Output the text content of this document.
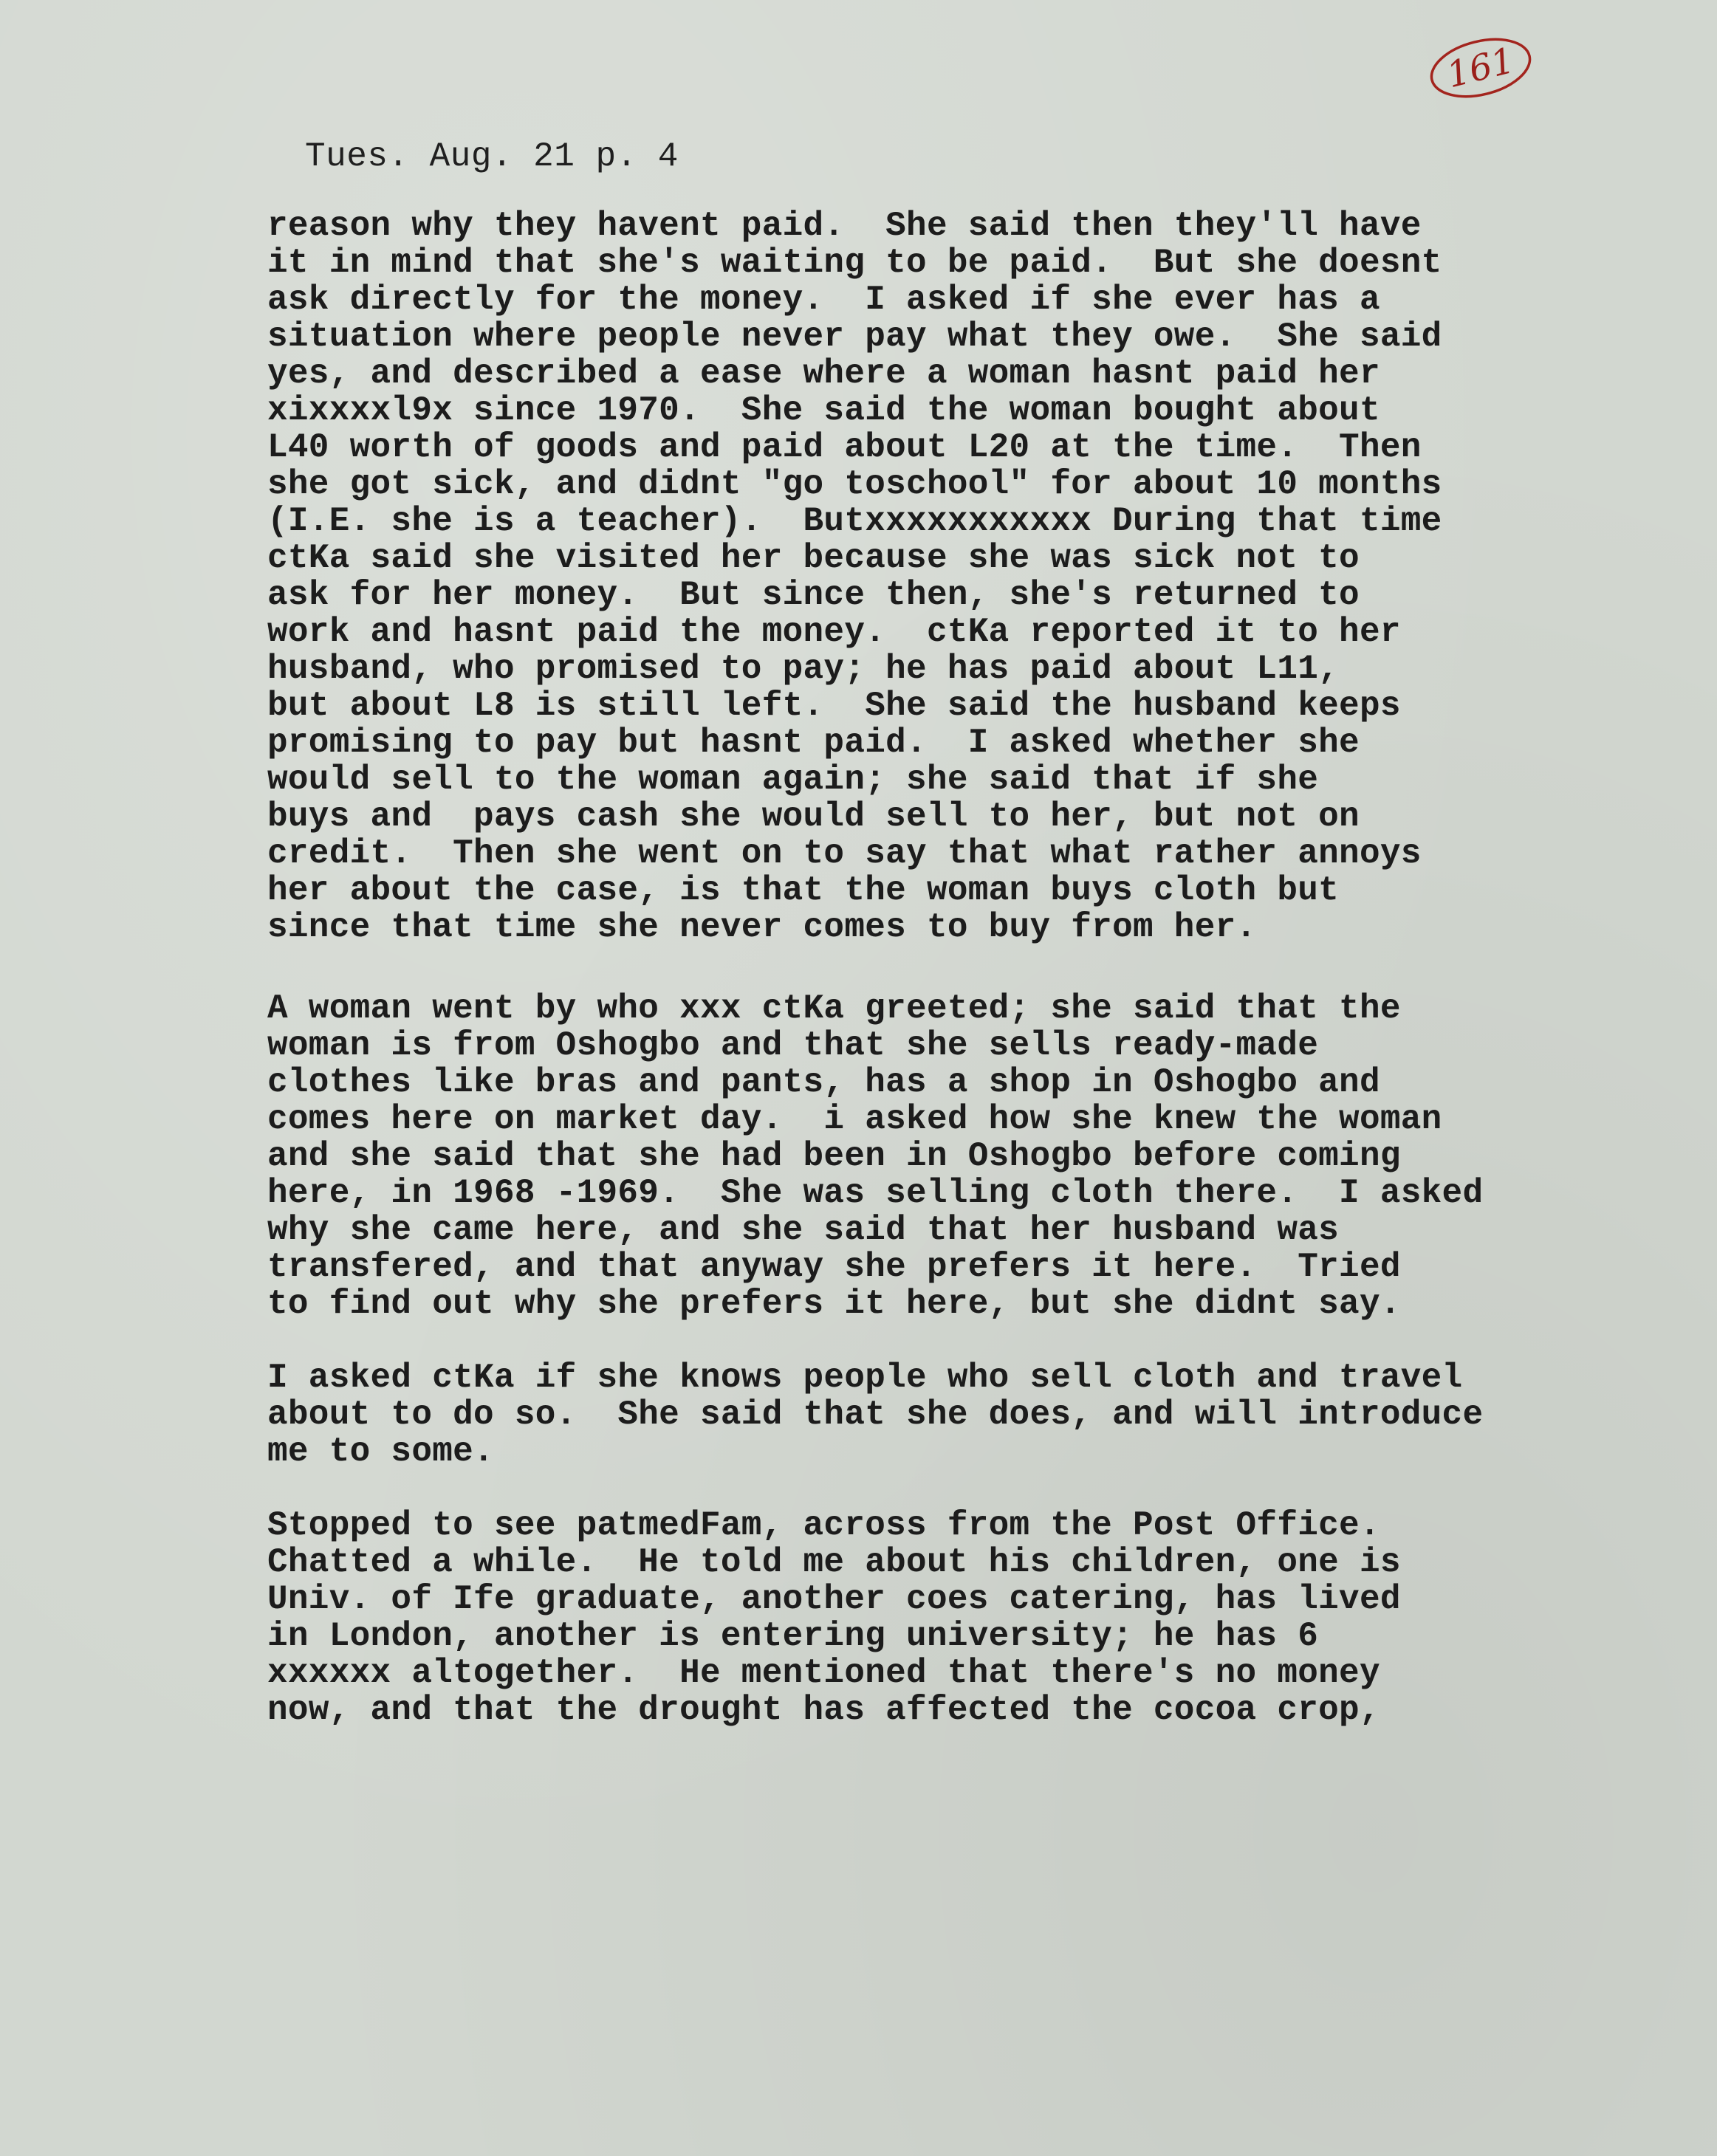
161
Tues. Aug. 21 p. 4
reason why they havent paid.  She said then they'll have
it in mind that she's waiting to be paid.  But she doesnt
ask directly for the money.  I asked if she ever has a
situation where people never pay what they owe.  She said
yes, and described a ease where a woman hasnt paid her
xixxxxl9x since 1970.  She said the woman bought about
L40 worth of goods and paid about L20 at the time.  Then
she got sick, and didnt "go toschool" for about 10 months
(I.E. she is a teacher).  Butxxxxxxxxxxx During that time
ctKa said she visited her because she was sick not to
ask for her money.  But since then, she's returned to
work and hasnt paid the money.  ctKa reported it to her
husband, who promised to pay; he has paid about L11,
but about L8 is still left.  She said the husband keeps
promising to pay but hasnt paid.  I asked whether she
would sell to the woman again; she said that if she
buys and  pays cash she would sell to her, but not on
credit.  Then she went on to say that what rather annoys
her about the case, is that the woman buys cloth but
since that time she never comes to buy from her.
A woman went by who xxx ctKa greeted; she said that the
woman is from Oshogbo and that she sells ready-made
clothes like bras and pants, has a shop in Oshogbo and
comes here on market day.  i asked how she knew the woman
and she said that she had been in Oshogbo before coming
here, in 1968 -1969.  She was selling cloth there.  I asked
why she came here, and she said that her husband was
transfered, and that anyway she prefers it here.  Tried
to find out why she prefers it here, but she didnt say.
I asked ctKa if she knows people who sell cloth and travel
about to do so.  She said that she does, and will introduce
me to some.
Stopped to see patmedFam, across from the Post Office.
Chatted a while.  He told me about his children, one is
Univ. of Ife graduate, another coes catering, has lived
in London, another is entering university; he has 6
xxxxxx altogether.  He mentioned that there's no money
now, and that the drought has affected the cocoa crop,
